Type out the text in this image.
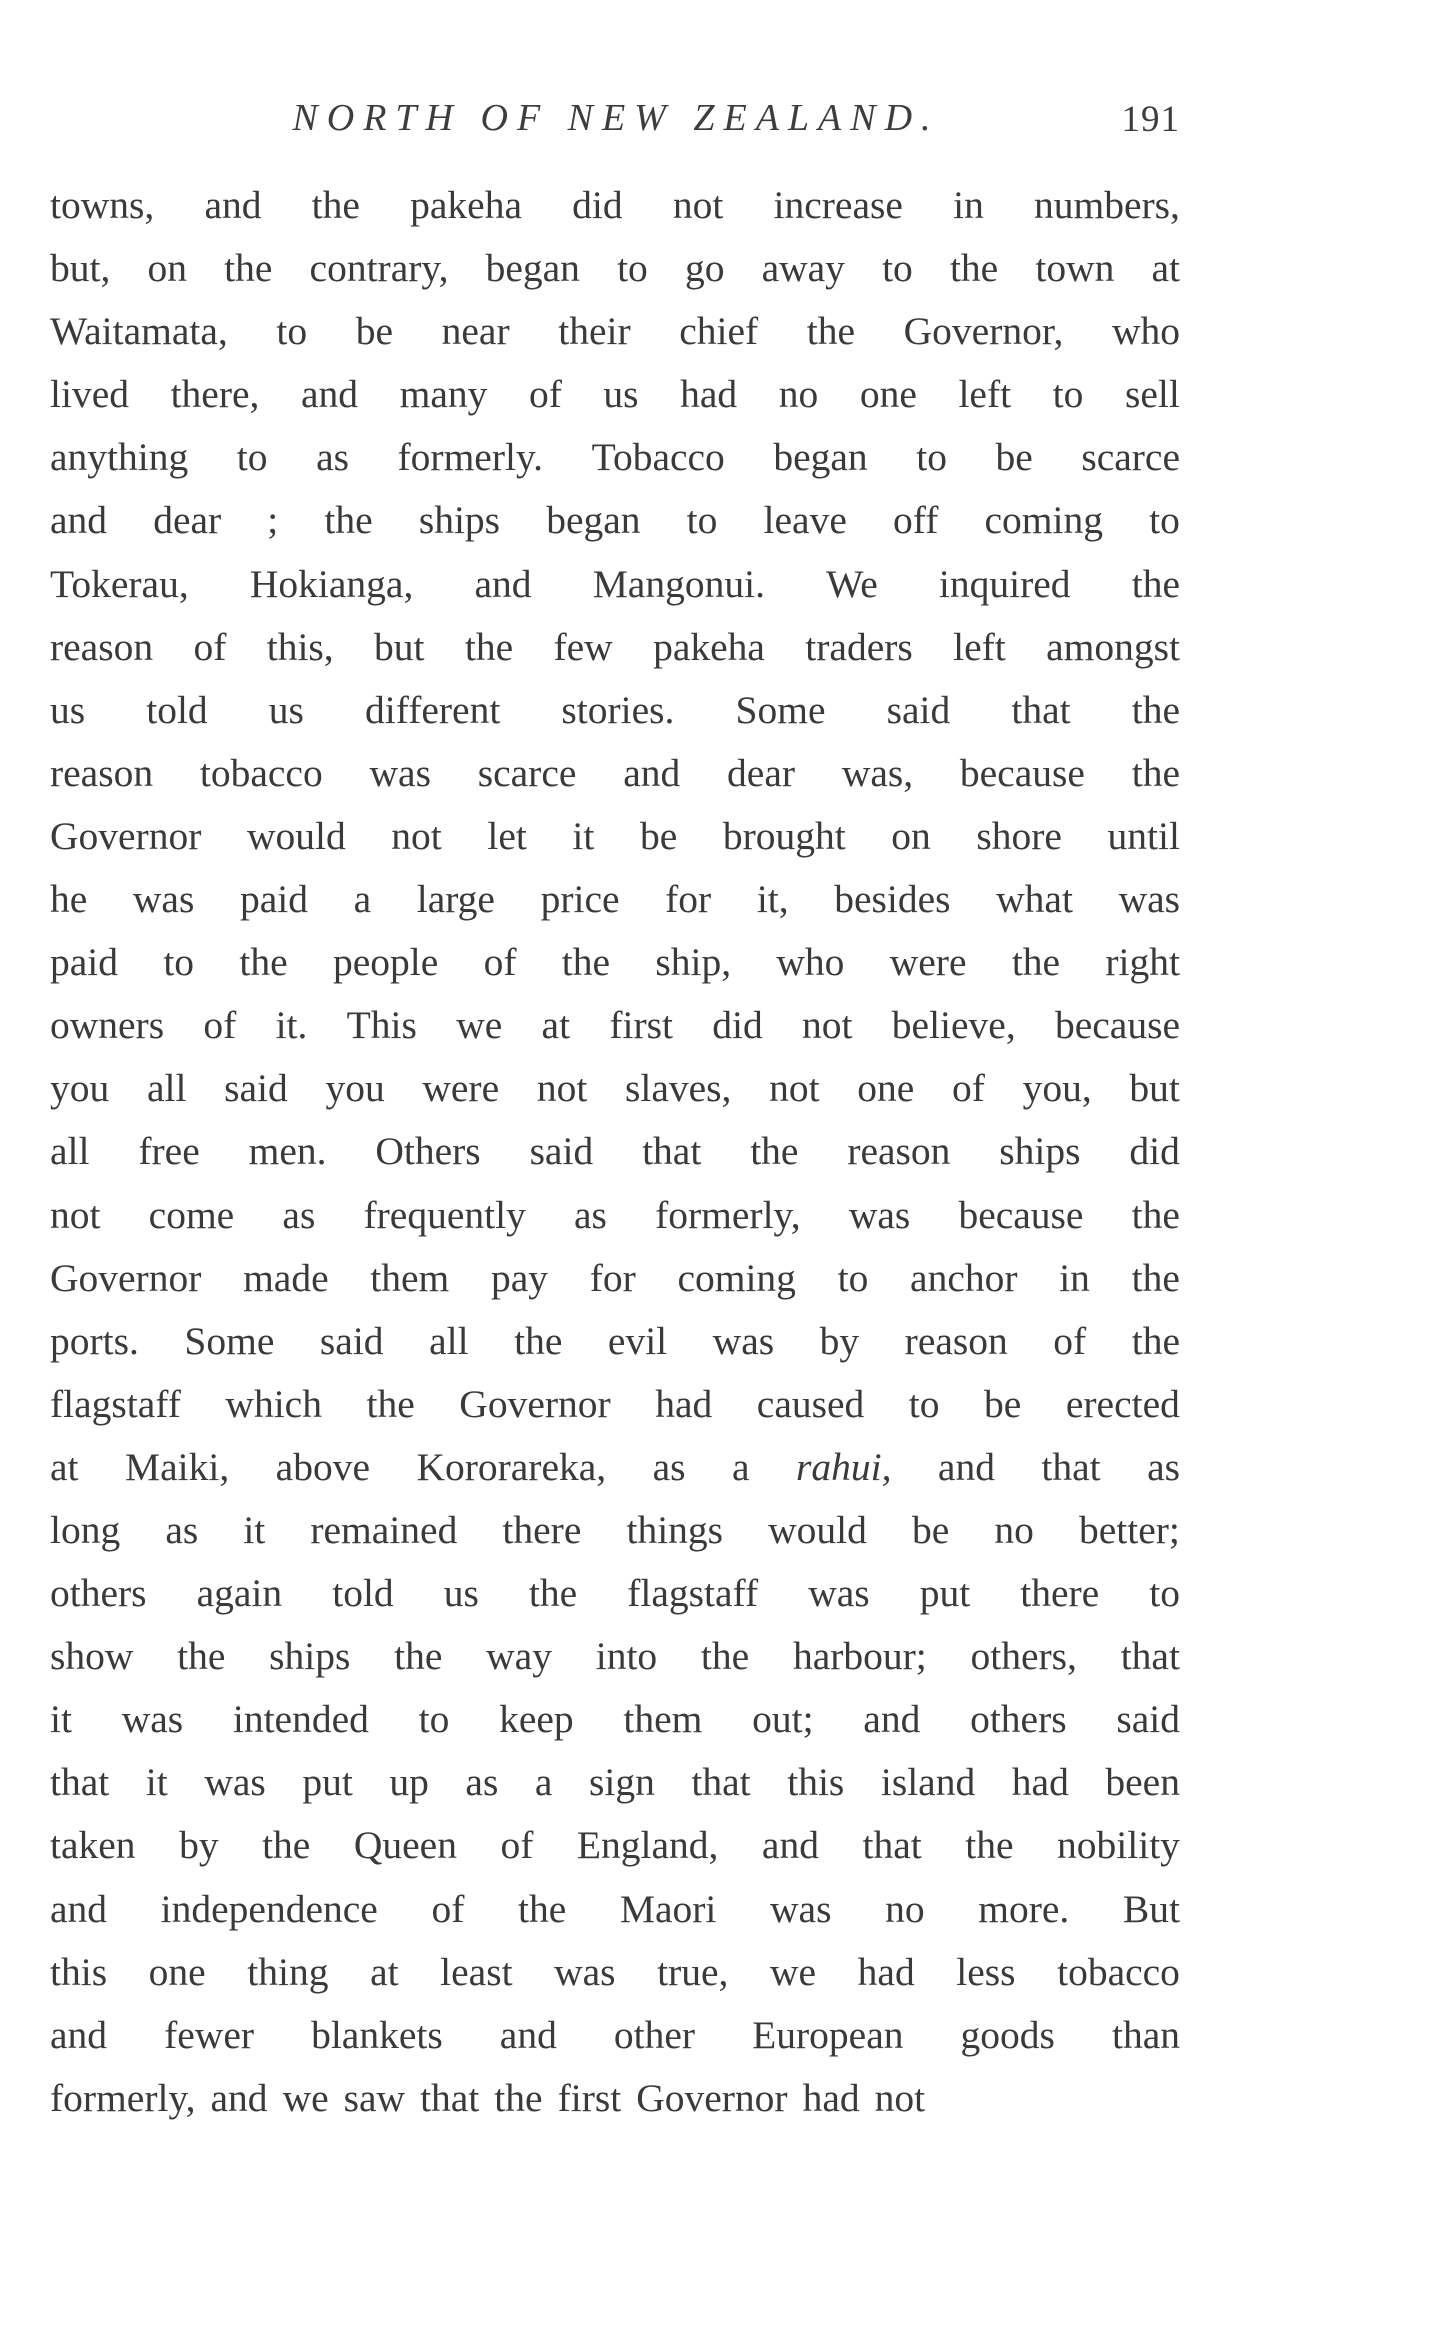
NORTH OF NEW ZEALAND.	191
towns, and the pakeha did not increase in numbers,
but, on the contrary, began to go away to the town at
Waitamata, to be near their chief the Governor, who
lived there, and many of us had no one left to sell
anything to as formerly. Tobacco began to be scarce
and dear ; the ships began to leave off coming to
Tokerau, Hokianga, and Mangonui. We inquired the
reason of this, but the few pakeha traders left amongst
us told us different stories. Some said that the
reason tobacco was scarce and dear was, because the
Governor would not let it be brought on shore until
he was paid a large price for it, besides what was
paid to the people of the ship, who were the right
owners of it. This we at first did not believe, because
you all said you were not slaves, not one of you, but
all free men. Others said that the reason ships did
not come as frequently as formerly, was because the
Governor made them pay for coming to anchor in the
ports. Some said all the evil was by reason of the
flagstaff which the Governor had caused to be erected
at Maiki, above Kororareka, as a rahui, and that as
long as it remained there things would be no better;
others again told us the flagstaff was put there to
show the ships the way into the harbour; others, that
it was intended to keep them out; and others said
that it was put up as a sign that this island had been
taken by the Queen of England, and that the nobility
and independence of the Maori was no more. But
this one thing at least was true, we had less tobacco
and fewer blankets and other European goods than
formerly, and we saw that the first Governor had not
